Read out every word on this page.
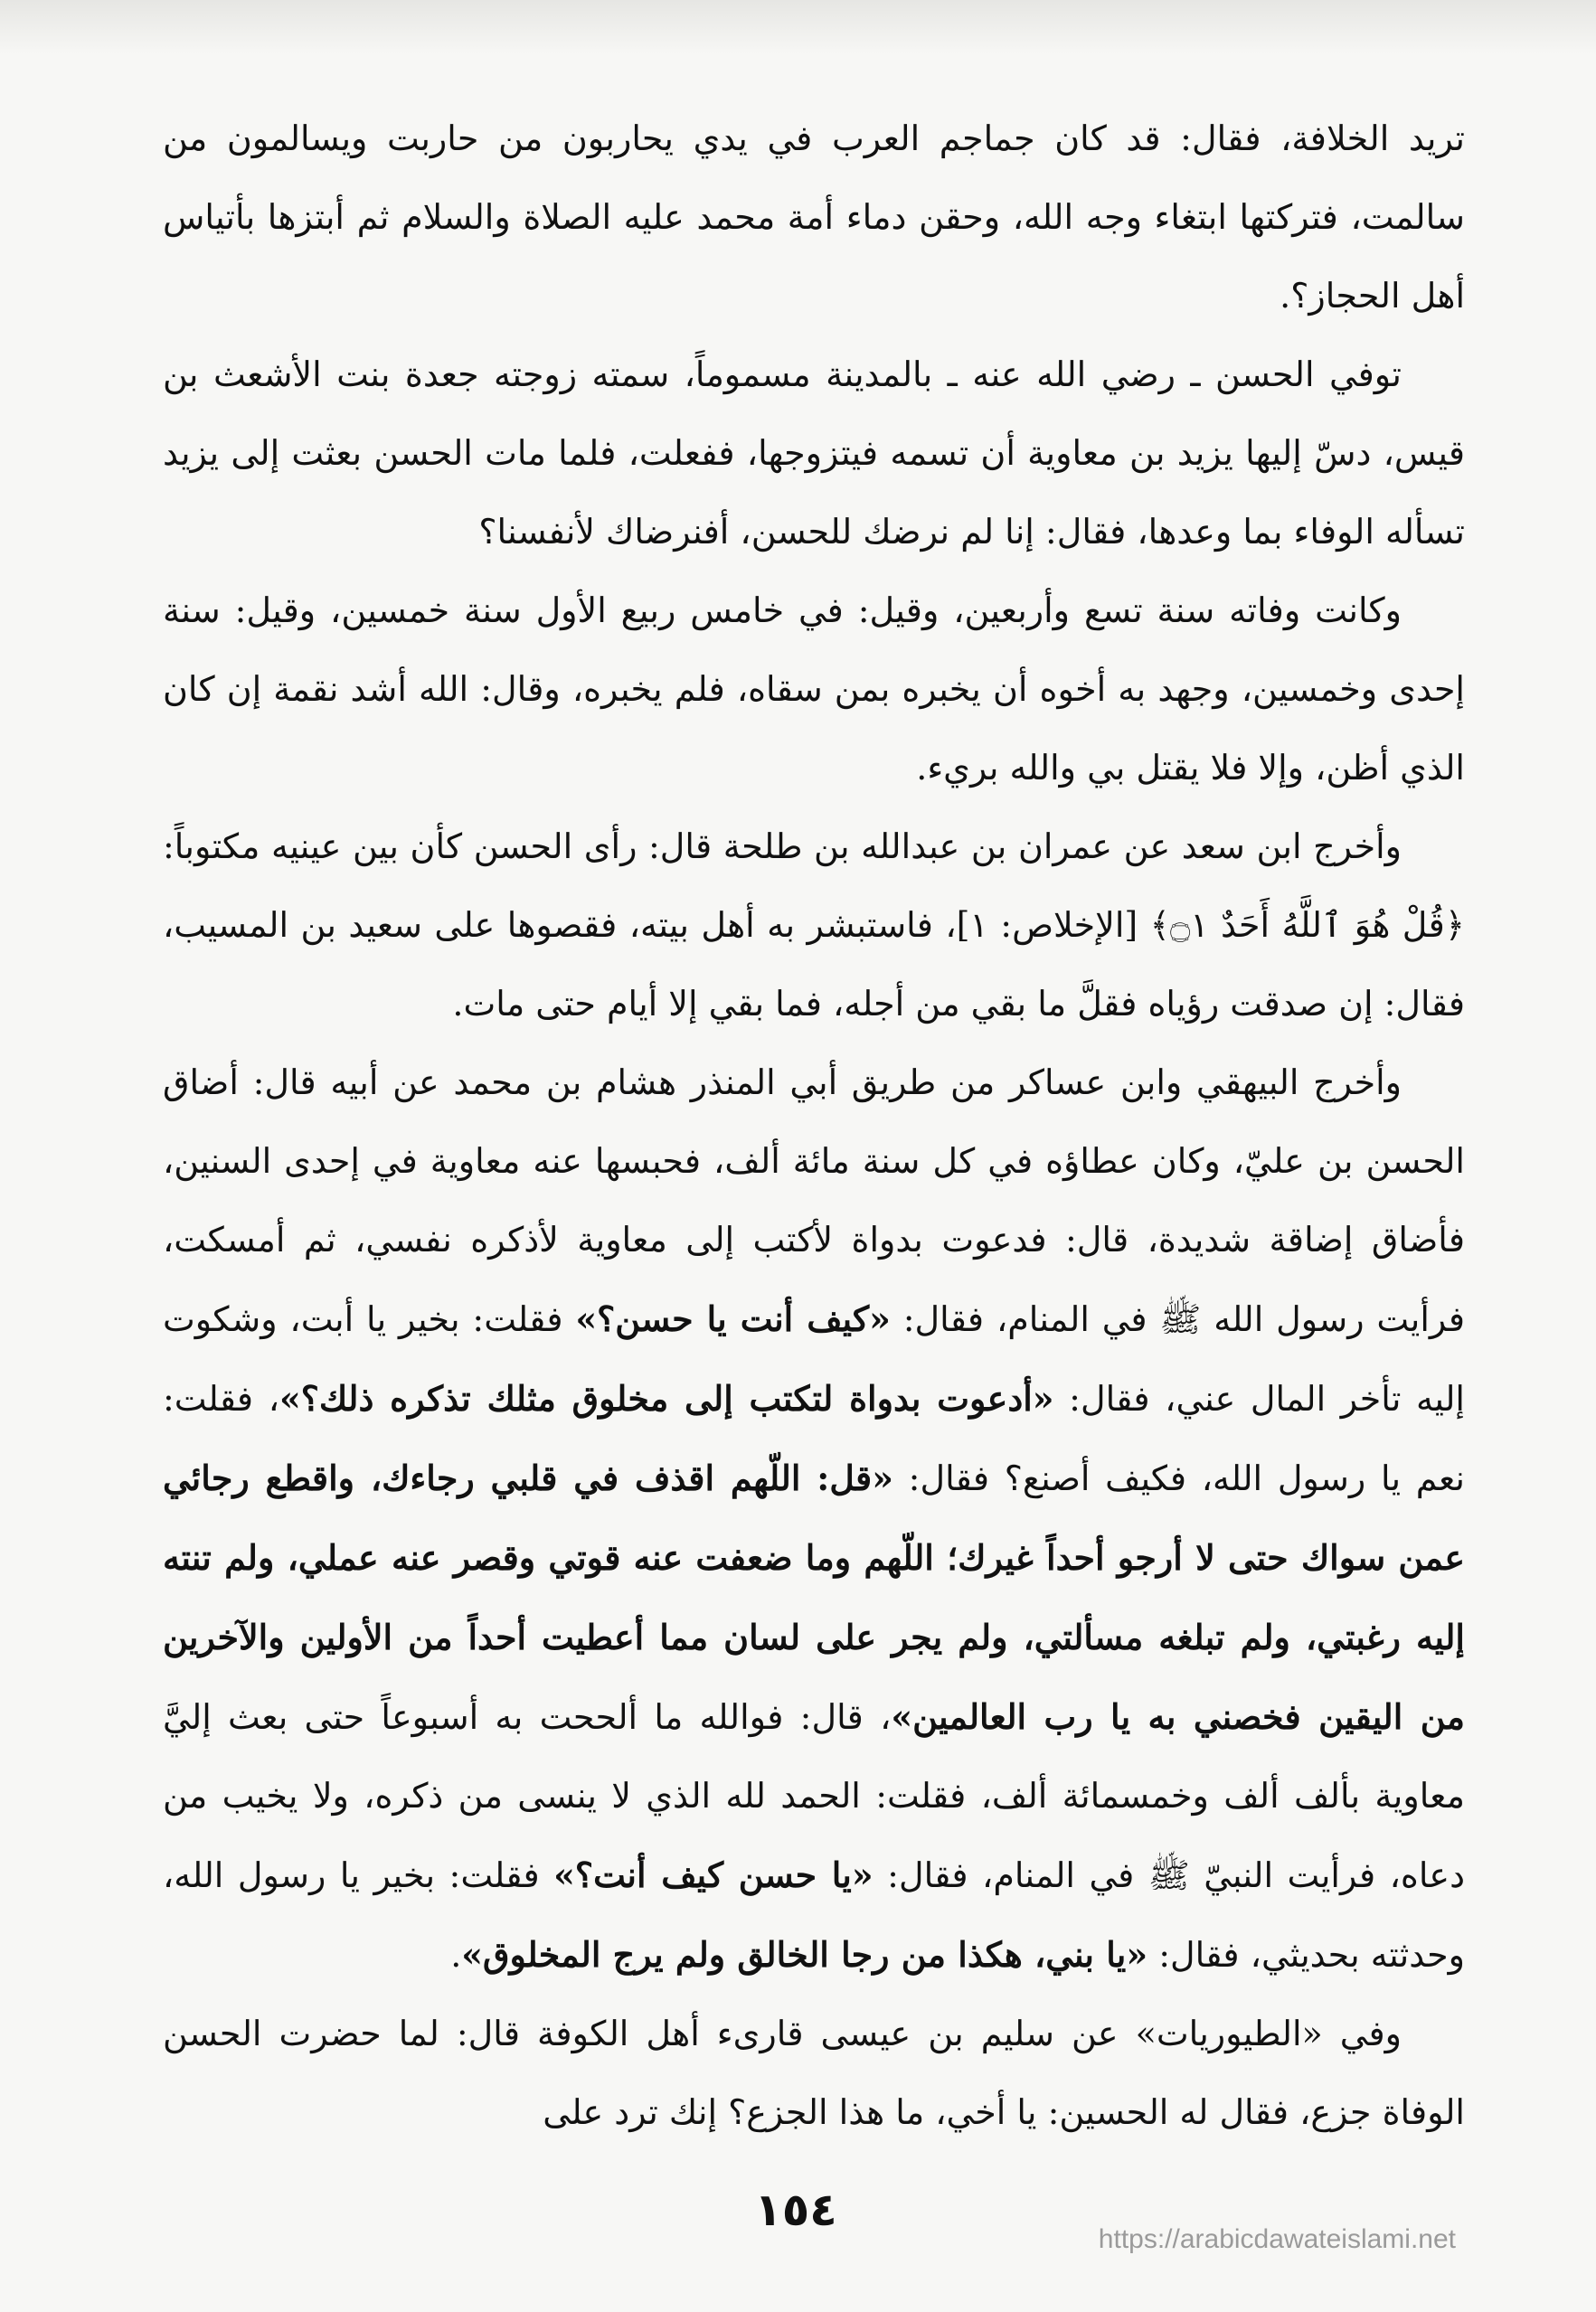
تريد الخلافة، فقال: قد كان جماجم العرب في يدي يحاربون من حاربت ويسالمون من سالمت، فتركتها ابتغاء وجه الله، وحقن دماء أمة محمد عليه الصلاة والسلام ثم أبتزها بأتياس أهل الحجاز؟.

توفي الحسن ـ رضي الله عنه ـ بالمدينة مسموماً، سمته زوجته جعدة بنت الأشعث بن قيس، دسّ إليها يزيد بن معاوية أن تسمه فيتزوجها، ففعلت، فلما مات الحسن بعثت إلى يزيد تسأله الوفاء بما وعدها، فقال: إنا لم نرضك للحسن، أفنرضاك لأنفسنا؟

وكانت وفاته سنة تسع وأربعين، وقيل: في خامس ربيع الأول سنة خمسين، وقيل: سنة إحدى وخمسين، وجهد به أخوه أن يخبره بمن سقاه، فلم يخبره، وقال: الله أشد نقمة إن كان الذي أظن، وإلا فلا يقتل بي والله بريء.

وأخرج ابن سعد عن عمران بن عبدالله بن طلحة قال: رأى الحسن كأن بين عينيه مكتوباً: ﴿قُلْ هُوَ ٱللَّهُ أَحَدٌ ۝١﴾ [الإخلاص: ١]، فاستبشر به أهل بيته، فقصوها على سعيد بن المسيب، فقال: إن صدقت رؤياه فقلَّ ما بقي من أجله، فما بقي إلا أيام حتى مات.

وأخرج البيهقي وابن عساكر من طريق أبي المنذر هشام بن محمد عن أبيه قال: أضاق الحسن بن عليّ، وكان عطاؤه في كل سنة مائة ألف، فحبسها عنه معاوية في إحدى السنين، فأضاق إضاقة شديدة، قال: فدعوت بدواة لأكتب إلى معاوية لأذكره نفسي، ثم أمسكت، فرأيت رسول الله ﷺ في المنام، فقال: «كيف أنت يا حسن؟» فقلت: بخير يا أبت، وشكوت إليه تأخر المال عني، فقال: «أدعوت بدواة لتكتب إلى مخلوق مثلك تذكره ذلك؟»، فقلت: نعم يا رسول الله، فكيف أصنع؟ فقال: «قل: اللّهم اقذف في قلبي رجاءك، واقطع رجائي عمن سواك حتى لا أرجو أحداً غيرك؛ اللّهم وما ضعفت عنه قوتي وقصر عنه عملي، ولم تنته إليه رغبتي، ولم تبلغه مسألتي، ولم يجر على لسان مما أعطيت أحداً من الأولين والآخرين من اليقين فخصني به يا رب العالمين»، قال: فوالله ما ألححت به أسبوعاً حتى بعث إليَّ معاوية بألف ألف وخمسمائة ألف، فقلت: الحمد لله الذي لا ينسى من ذكره، ولا يخيب من دعاه، فرأيت النبيّ ﷺ في المنام، فقال: «يا حسن كيف أنت؟» فقلت: بخير يا رسول الله، وحدثته بحديثي، فقال: «يا بني، هكذا من رجا الخالق ولم يرج المخلوق».

وفي «الطيوريات» عن سليم بن عيسى قارىء أهل الكوفة قال: لما حضرت الحسن الوفاة جزع، فقال له الحسين: يا أخي، ما هذا الجزع؟ إنك ترد على

١٥٤
https://arabicdawateislami.net
